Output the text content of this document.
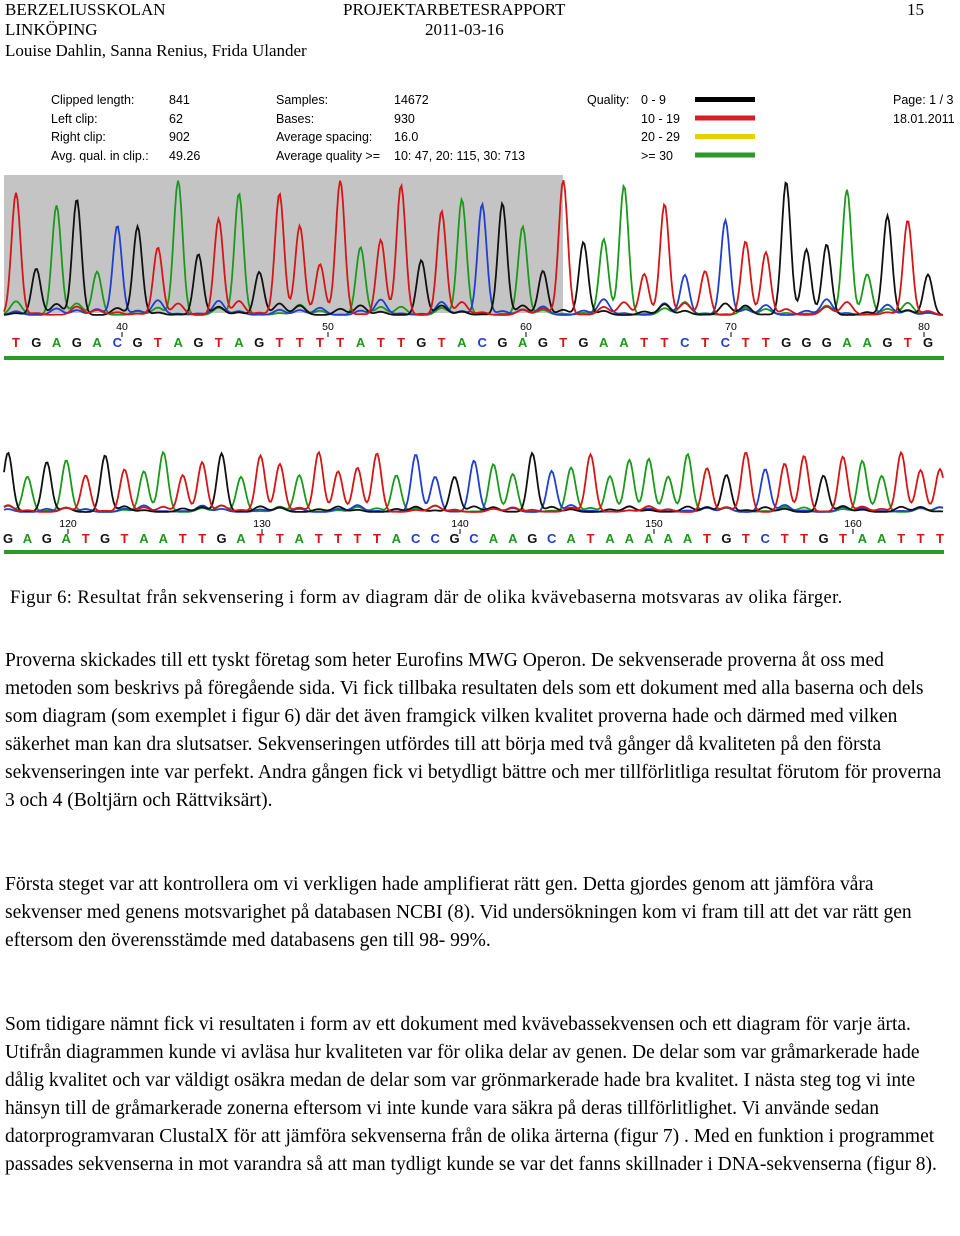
BERZELIUSSKOLAN
LINKÖPING
Louise Dahlin, Sanna Renius, Frida Ulander
PROJEKTARBETESRAPPORT
2011-03-16
15
Clipped length:	841
Left clip:	62
Right clip:	902
Avg. qual. in clip.: 49.26
Samples:	14672
Bases:	930
Average spacing: 16.0
Average quality >= 10: 47, 20: 115, 30: 713
Quality: 0 - 9
10 - 19
20 - 29
>= 30
Page: 1 / 3
18.01.2011
40	50	60	70	80
T G A G A C G T A G T A G T T T T A T T G T A C G A G T G A A T T C T C T T G G G A A G T G
120	130	140	150	160
G A G A T G T A A T T G A T T A T T T T A C C G C A A G C A T A A A A A T G T C T T G T A A T T T
Figur 6: Resultat från sekvensering i form av diagram där de olika kvävebaserna motsvaras av olika färger.

Proverna skickades till ett tyskt företag som heter Eurofins MWG Operon. De sekvenserade proverna åt oss med metoden som beskrivs på föregående sida. Vi fick tillbaka resultaten dels som ett dokument med alla baserna och dels som diagram (som exemplet i figur 6) där det även framgick vilken kvalitet proverna hade och därmed med vilken säkerhet man kan dra slutsatser. Sekvenseringen utfördes till att börja med två gånger då kvaliteten på den första sekvenseringen inte var perfekt. Andra gången fick vi betydligt bättre och mer tillförlitliga resultat förutom för proverna 3 och 4 (Boltjärn och Rättviksärt).

Första steget var att kontrollera om vi verkligen hade amplifierat rätt gen. Detta gjordes genom att jämföra våra sekvenser med genens motsvarighet på databasen NCBI (8). Vid undersökningen kom vi fram till att det var rätt gen eftersom den överensstämde med databasens gen till 98- 99%.

Som tidigare nämnt fick vi resultaten i form av ett dokument med kvävebassekvensen och ett diagram för varje ärta. Utifrån diagrammen kunde vi avläsa hur kvaliteten var för olika delar av genen. De delar som var gråmarkerade hade dålig kvalitet och var väldigt osäkra medan de delar som var grönmarkerade hade bra kvalitet. I nästa steg tog vi inte hänsyn till de gråmarkerade zonerna eftersom vi inte kunde vara säkra på deras tillförlitlighet. Vi använde sedan datorprogramvaran ClustalX för att jämföra sekvenserna från de olika ärterna (figur 7) . Med en funktion i programmet passades sekvenserna in mot varandra så att man tydligt kunde se var det fanns skillnader i DNA-sekvenserna (figur 8).
